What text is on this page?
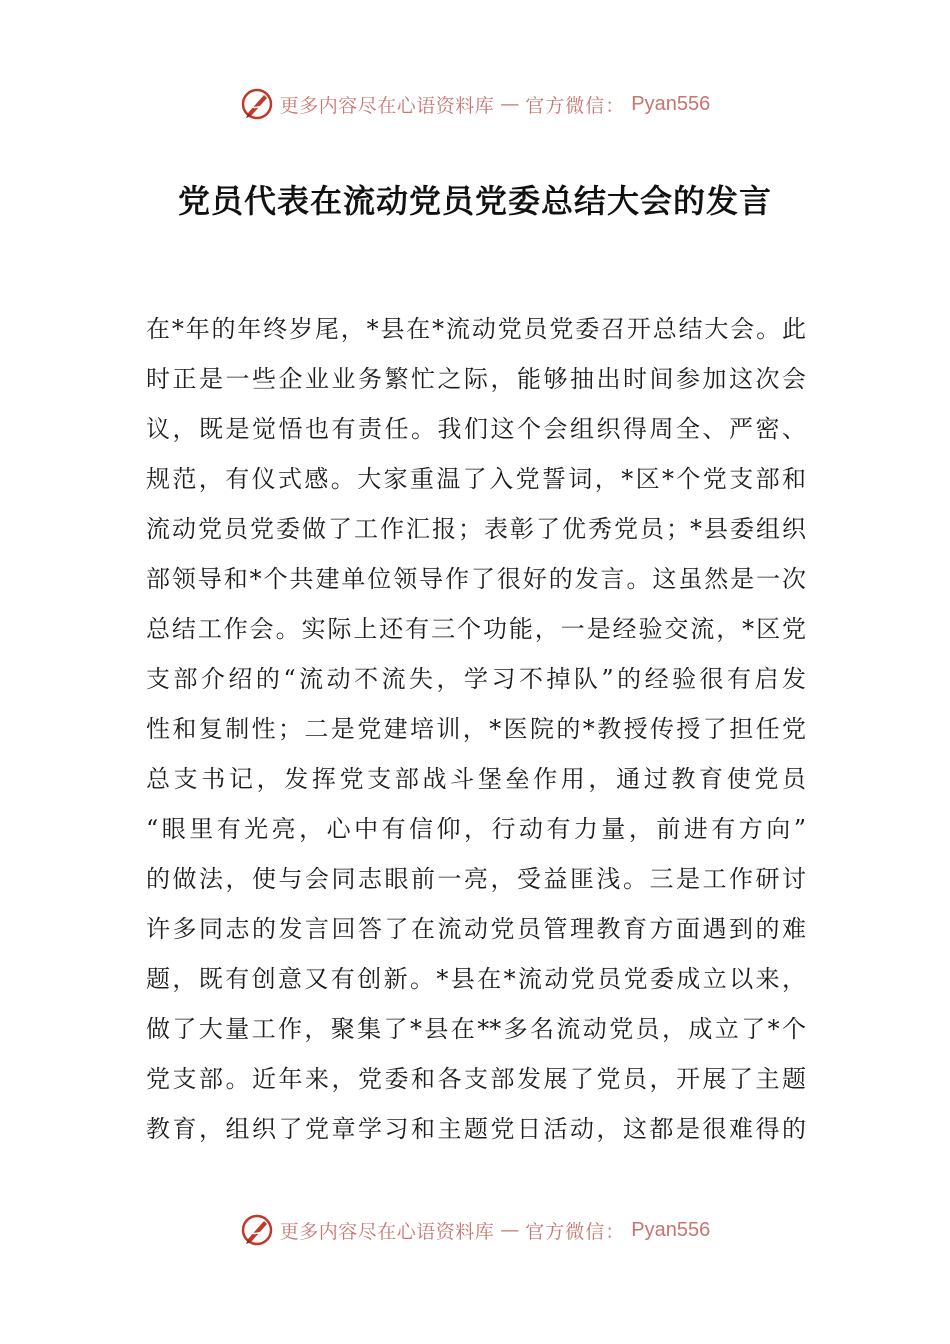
更多内容尽在心语资料库 — 官方微信： Pyan556
党员代表在流动党员党委总结大会的发言
在*年的年终岁尾，*县在*流动党员党委召开总结大会。此
时正是一些企业业务繁忙之际，能够抽出时间参加这次会
议，既是觉悟也有责任。我们这个会组织得周全、严密、
规范，有仪式感。大家重温了入党誓词，*区*个党支部和
流动党员党委做了工作汇报；表彰了优秀党员；*县委组织
部领导和*个共建单位领导作了很好的发言。这虽然是一次
总结工作会。实际上还有三个功能，一是经验交流，*区党
支部介绍的“流动不流失，学习不掉队”的经验很有启发
性和复制性；二是党建培训，*医院的*教授传授了担任党
总支书记，发挥党支部战斗堡垒作用，通过教育使党员
“眼里有光亮，心中有信仰，行动有力量，前进有方向”
的做法，使与会同志眼前一亮，受益匪浅。三是工作研讨
许多同志的发言回答了在流动党员管理教育方面遇到的难
题，既有创意又有创新。*县在*流动党员党委成立以来，
做了大量工作，聚集了*县在**多名流动党员，成立了*个
党支部。近年来，党委和各支部发展了党员，开展了主题
教育，组织了党章学习和主题党日活动，这都是很难得的
更多内容尽在心语资料库 — 官方微信： Pyan556
